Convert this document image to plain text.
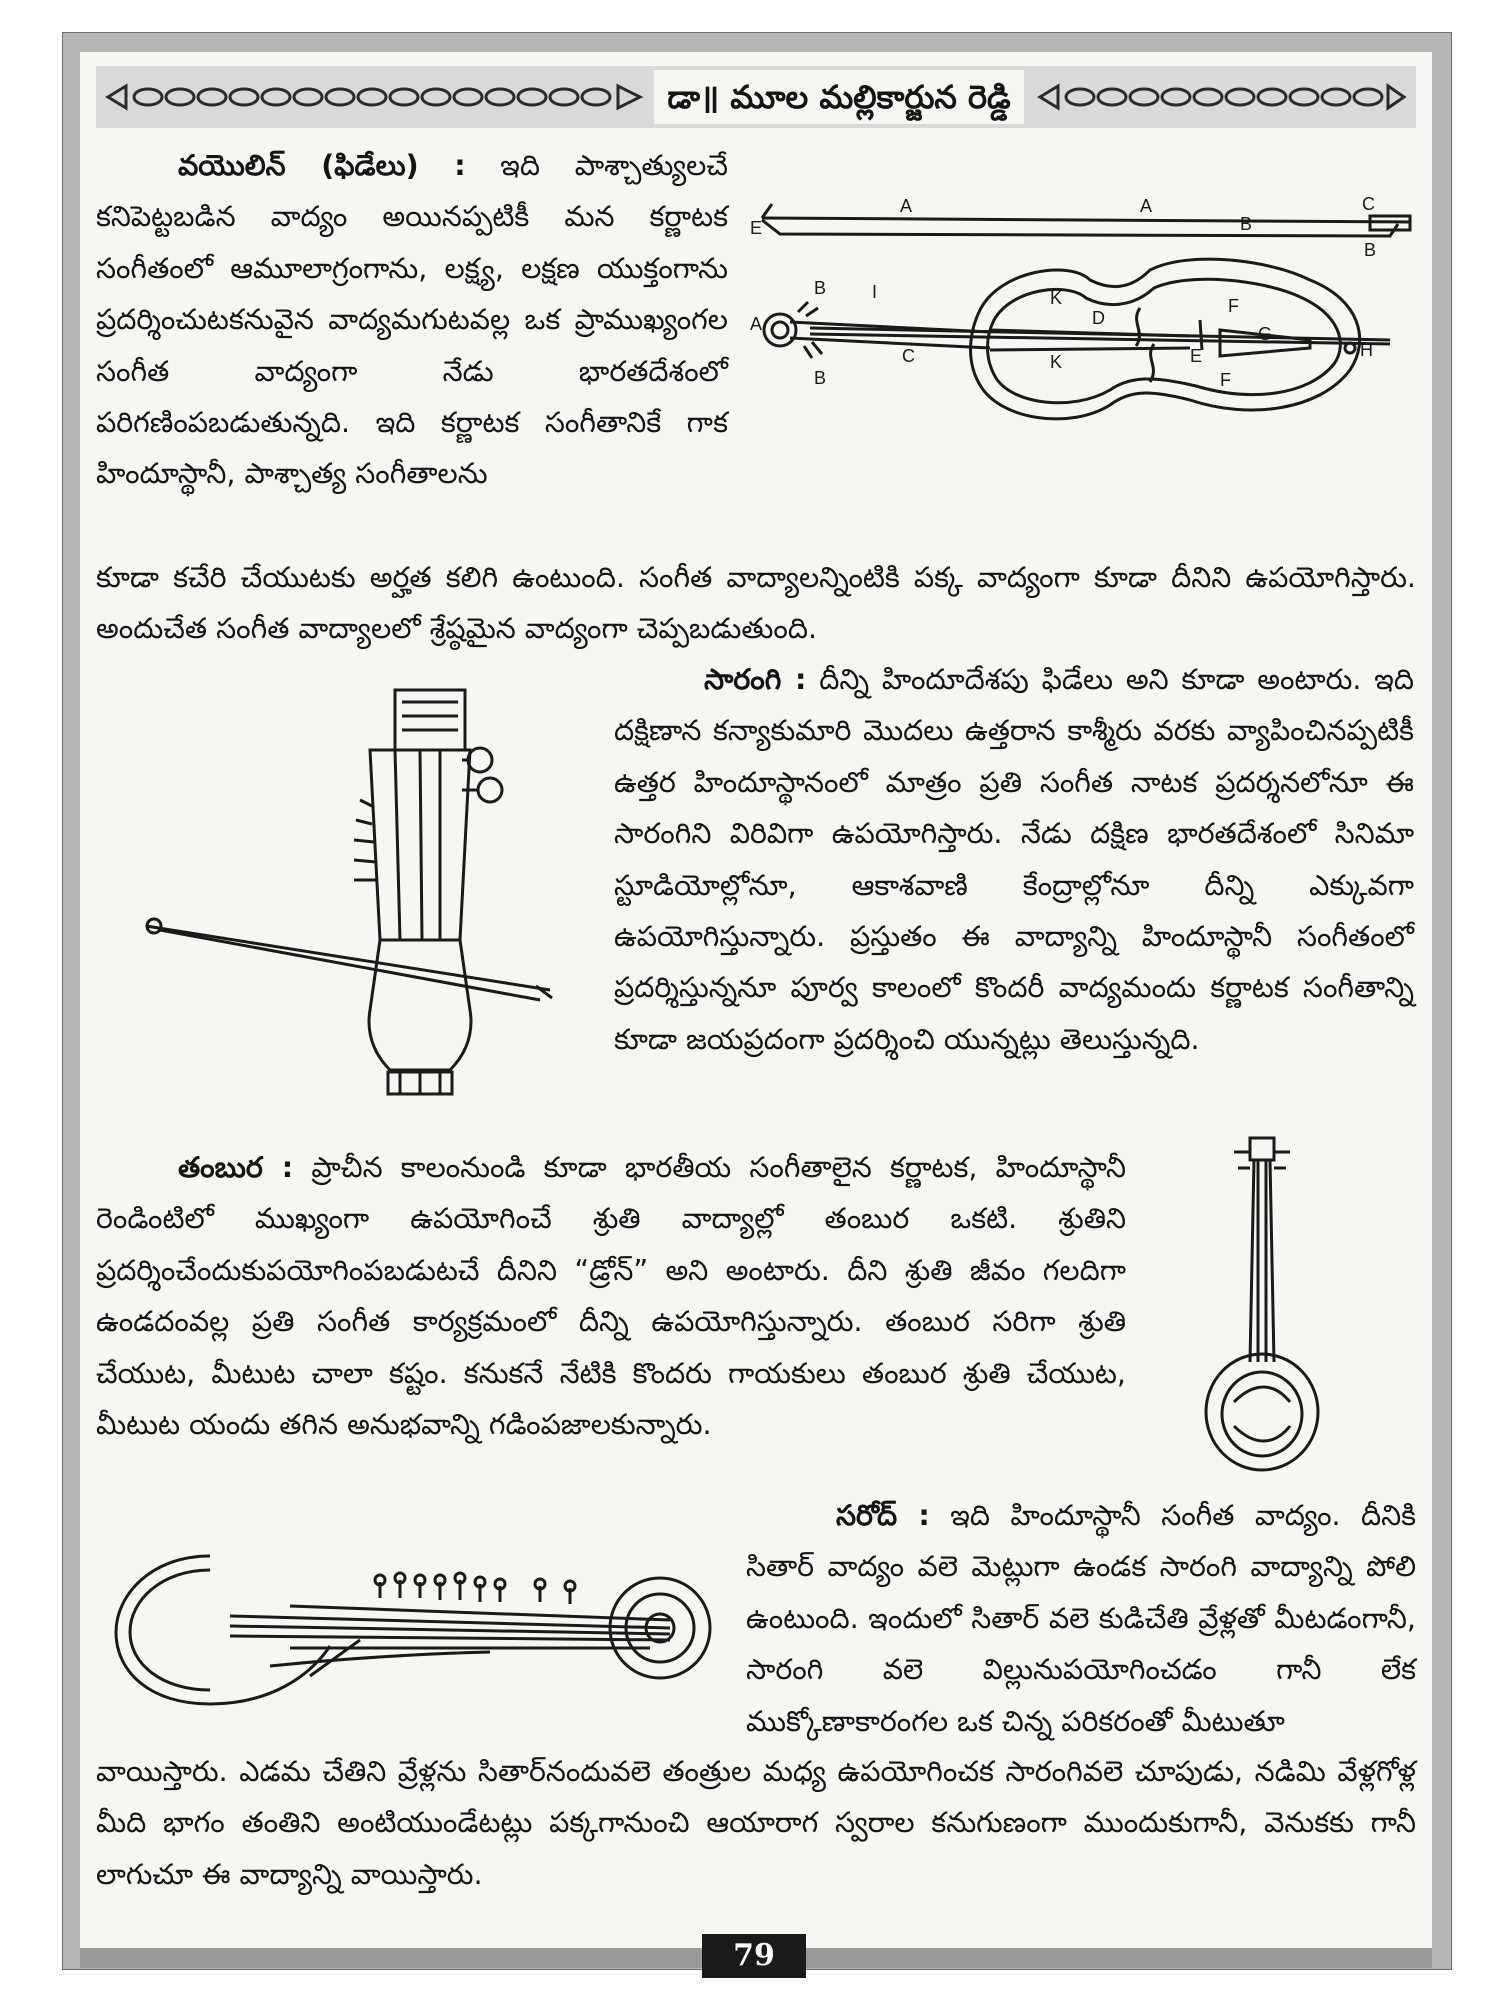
డా॥ మూల మల్లికార్జున రెడ్డి

వయొలిన్ (ఫిడేలు) : ఇది పాశ్చాత్యులచే కనిపెట్టబడిన వాద్యం అయినప్పటికీ మన కర్ణాటక సంగీతంలో ఆమూలాగ్రంగాను, లక్ష్య, లక్షణ యుక్తంగాను ప్రదర్శించుటకనువైన వాద్యమగుటవల్ల ఒక ప్రాముఖ్యంగల సంగీత వాద్యంగా నేడు భారతదేశంలో పరిగణింపబడుతున్నది. ఇది కర్ణాటక సంగీతానికే గాక హిందూస్థానీ, పాశ్చాత్య సంగీతాలను

A	A	C
E	B
B
B	I	K	F
D
A
C	E
G
H
K
F
B

కూడా కచేరి చేయుటకు అర్హత కలిగి ఉంటుంది. సంగీత వాద్యాలన్నింటికి పక్క వాద్యంగా కూడా దీనిని ఉపయోగిస్తారు. అందుచేత సంగీత వాద్యాలలో శ్రేష్ఠమైన వాద్యంగా చెప్పబడుతుంది.

సారంగి : దీన్ని హిందూదేశపు ఫిడేలు అని కూడా అంటారు. ఇది దక్షిణాన కన్యాకుమారి మొదలు ఉత్తరాన కాశ్మీరు వరకు వ్యాపించినప్పటికీ ఉత్తర హిందూస్థానంలో మాత్రం ప్రతి సంగీత నాటక ప్రదర్శనలోనూ ఈ సారంగిని విరివిగా ఉపయోగిస్తారు. నేడు దక్షిణ భారతదేశంలో సినిమా స్టూడియోల్లోనూ, ఆకాశవాణి కేంద్రాల్లోనూ దీన్ని ఎక్కువగా ఉపయోగిస్తున్నారు. ప్రస్తుతం ఈ వాద్యాన్ని హిందూస్థానీ సంగీతంలో ప్రదర్శిస్తున్ననూ పూర్వ కాలంలో కొందరీ వాద్యమందు కర్ణాటక సంగీతాన్ని కూడా జయప్రదంగా ప్రదర్శించి యున్నట్లు తెలుస్తున్నది.

తంబుర : ప్రాచీన కాలంనుండి కూడా భారతీయ సంగీతాలైన కర్ణాటక, హిందూస్థానీ రెండింటిలో ముఖ్యంగా ఉపయోగించే శ్రుతి వాద్యాల్లో తంబుర ఒకటి. శ్రుతిని ప్రదర్శించేందుకుపయోగింపబడుటచే దీనిని “డ్రోన్” అని అంటారు. దీని శ్రుతి జీవం గలదిగా ఉండదంవల్ల ప్రతి సంగీత కార్యక్రమంలో దీన్ని ఉపయోగిస్తున్నారు. తంబుర సరిగా శ్రుతి చేయుట, మీటుట చాలా కష్టం. కనుకనే నేటికి కొందరు గాయకులు తంబుర శ్రుతి చేయుట, మీటుట యందు తగిన అనుభవాన్ని గడింపజాలకున్నారు.

సరోద్ : ఇది హిందూస్థానీ సంగీత వాద్యం. దీనికి సితార్ వాద్యం వలె మెట్లుగా ఉండక సారంగి వాద్యాన్ని పోలి ఉంటుంది. ఇందులో సితార్ వలె కుడిచేతి వ్రేళ్లతో మీటడంగానీ, సారంగి వలె విల్లునుపయోగించడం గానీ లేక ముక్కోణాకారంగల ఒక చిన్న పరికరంతో మీటుతూ

వాయిస్తారు. ఎడమ చేతిని వ్రేళ్లను సితార్‌నందువలె తంత్రుల మధ్య ఉపయోగించక సారంగివలె చూపుడు, నడిమి వేళ్లగోళ్ల మీది భాగం తంతిని అంటియుండేటట్లు పక్కగానుంచి ఆయారాగ స్వరాల కనుగుణంగా ముందుకుగానీ, వెనుకకు గానీ లాగుచూ ఈ వాద్యాన్ని వాయిస్తారు.

79
